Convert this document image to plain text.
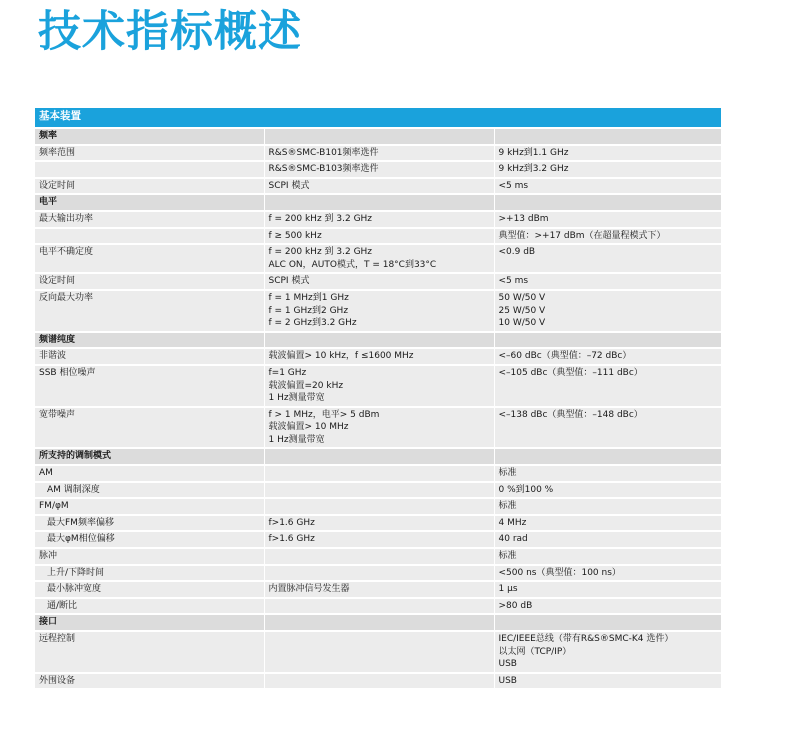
技术指标概述
基本装置		
频率		
频率范围	R&S®SMC-B101频率选件	9 kHz到1.1 GHz

	R&S®SMC-B103频率选件	9 kHz到3.2 GHz

设定时间	SCPI 模式	<5 ms

电平		
最大输出功率	f = 200 kHz 到 3.2 GHz	>+13 dBm

	f ≥ 500 kHz	典型值：>+17 dBm（在超量程模式下）

电平不确定度	f = 200 kHz 到 3.2 GHz
ALC ON，AUTO模式，T = 18°C到33°C	<0.9 dB

设定时间	SCPI 模式	<5 ms

反向最大功率	f = 1 MHz到1 GHz
f = 1 GHz到2 GHz
f = 2 GHz到3.2 GHz	50 W/50 V
25 W/50 V
10 W/50 V

频谱纯度		
非谐波	载波偏置> 10 kHz，f ≤1600 MHz	<–60 dBc（典型值：–72 dBc）

SSB 相位噪声	f=1 GHz
载波偏置=20 kHz
1 Hz测量带宽	<–105 dBc（典型值：–111 dBc）

宽带噪声	f > 1 MHz，电平> 5 dBm
载波偏置> 10 MHz
1 Hz测量带宽	<–138 dBc（典型值：–148 dBc）

所支持的调制模式		
AM		标准

AM 调制深度		0 %到100 %

FM/φM		标准

最大FM频率偏移	f>1.6 GHz	4 MHz

最大φM相位偏移	f>1.6 GHz	40 rad

脉冲		标准

上升/下降时间		<500 ns（典型值：100 ns）

最小脉冲宽度	内置脉冲信号发生器	1 µs

通/断比		>80 dB

接口		
远程控制		IEC/IEEE总线（带有R&S®SMC-K4 选件）
以太网（TCP/IP）
USB

外围设备		USB
